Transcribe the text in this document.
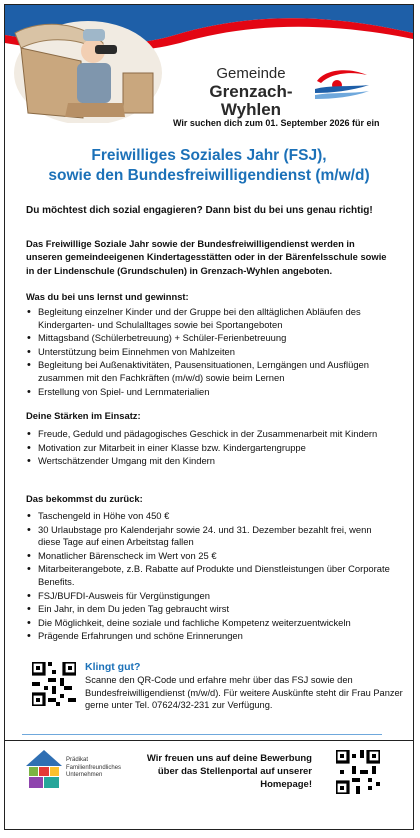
Gemeinde
Grenzach-Wyhlen
Wir suchen dich zum 01. September 2026 für ein
Freiwilliges Soziales Jahr (FSJ),
sowie den Bundesfreiwilligendienst (m/w/d)
Du möchtest dich sozial engagieren? Dann bist du bei uns genau richtig!
Das Freiwillige Soziale Jahr sowie der Bundesfreiwilligendienst werden in unseren gemeindeeigenen Kindertagesstätten oder in der Bärenfelsschule sowie in der Lindenschule (Grundschulen) in Grenzach-Wyhlen angeboten.
Was du bei uns lernst und gewinnst:
• Begleitung einzelner Kinder und der Gruppe bei den alltäglichen Abläufen des Kindergarten- und Schulalltages sowie bei Sportangeboten
• Mittagsband (Schülerbetreuung) + Schüler-Ferienbetreuung
• Unterstützung beim Einnehmen von Mahlzeiten
• Begleitung bei Außenaktivitäten, Pausensituationen, Lerngängen und Ausflügen zusammen mit den Fachkräften (m/w/d) sowie beim Lernen
• Erstellung von Spiel- und Lernmaterialien
Deine Stärken im Einsatz:
• Freude, Geduld und pädagogisches Geschick in der Zusammenarbeit mit Kindern
• Motivation zur Mitarbeit in einer Klasse bzw. Kindergartengruppe
• Wertschätzender Umgang mit den Kindern
Das bekommst du zurück:
• Taschengeld in Höhe von 450 €
• 30 Urlaubstage pro Kalenderjahr sowie 24. und 31. Dezember bezahlt frei, wenn diese Tage auf einen Arbeitstag fallen
• Monatlicher Bärenscheck im Wert von 25 €
• Mitarbeiterangebote, z.B. Rabatte auf Produkte und Dienstleistungen über Corporate Benefits.
• FSJ/BUFDI-Ausweis für Vergünstigungen
• Ein Jahr, in dem Du jeden Tag gebraucht wirst
• Die Möglichkeit, deine soziale und fachliche Kompetenz weiterzuentwickeln
• Prägende Erfahrungen und schöne Erinnerungen
Klingt gut?
Scanne den QR-Code und erfahre mehr über das FSJ sowie den Bundesfreiwilligendienst (m/w/d). Für weitere Auskünfte steht dir Frau Panzer gerne unter Tel. 07624/32-231 zur Verfügung.
Prädikat
Familienfreundliches
Unternehmen
Wir freuen uns auf deine Bewerbung über das Stellenportal auf unserer Homepage!
